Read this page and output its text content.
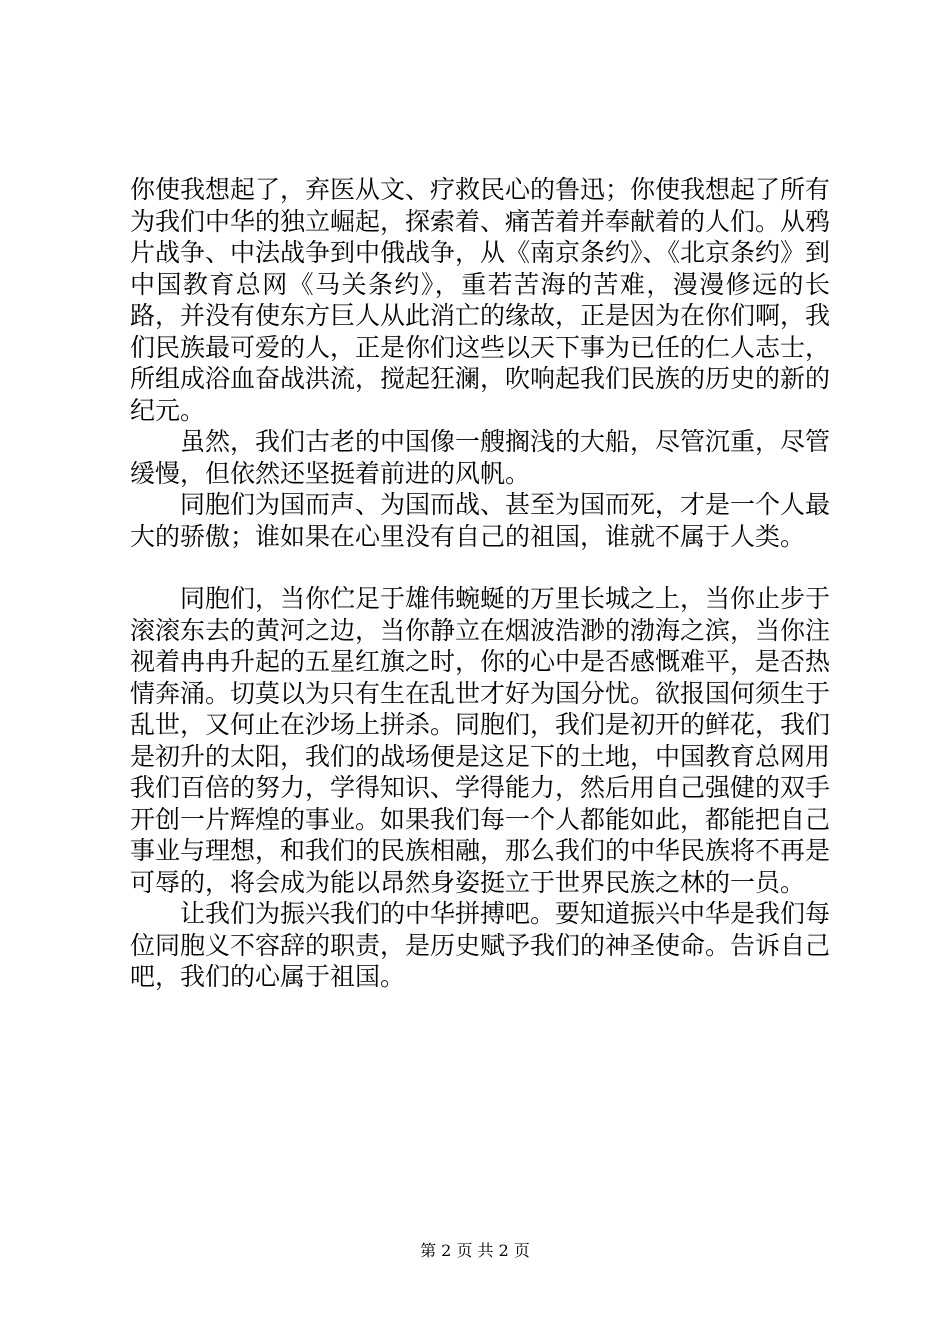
你使我想起了，弃医从文、疗救民心的鲁迅；你使我想起了所有为我们中华的独立崛起，探索着、痛苦着并奉献着的人们。从鸦片战争、中法战争到中俄战争，从《南京条约》、《北京条约》到中国教育总网《马关条约》，重若苦海的苦难，漫漫修远的长路，并没有使东方巨人从此消亡的缘故，正是因为在你们啊，我们民族最可爱的人，正是你们这些以天下事为已任的仁人志士，所组成浴血奋战洪流，搅起狂澜，吹响起我们民族的历史的新的纪元。

虽然，我们古老的中国像一艘搁浅的大船，尽管沉重，尽管缓慢，但依然还坚挺着前进的风帆。

同胞们为国而声、为国而战、甚至为国而死，才是一个人最大的骄傲；谁如果在心里没有自己的祖国，谁就不属于人类。

同胞们，当你伫足于雄伟蜿蜒的万里长城之上，当你止步于滚滚东去的黄河之边，当你静立在烟波浩渺的渤海之滨，当你注视着冉冉升起的五星红旗之时，你的心中是否感慨难平，是否热情奔涌。切莫以为只有生在乱世才好为国分忧。欲报国何须生于乱世，又何止在沙场上拼杀。同胞们，我们是初开的鲜花，我们是初升的太阳，我们的战场便是这足下的土地，中国教育总网用我们百倍的努力，学得知识、学得能力，然后用自己强健的双手开创一片辉煌的事业。如果我们每一个人都能如此，都能把自己事业与理想，和我们的民族相融，那么我们的中华民族将不再是可辱的，将会成为能以昂然身姿挺立于世界民族之林的一员。

让我们为振兴我们的中华拼搏吧。要知道振兴中华是我们每位同胞义不容辞的职责，是历史赋予我们的神圣使命。告诉自己吧，我们的心属于祖国。

第 2 页 共 2 页
